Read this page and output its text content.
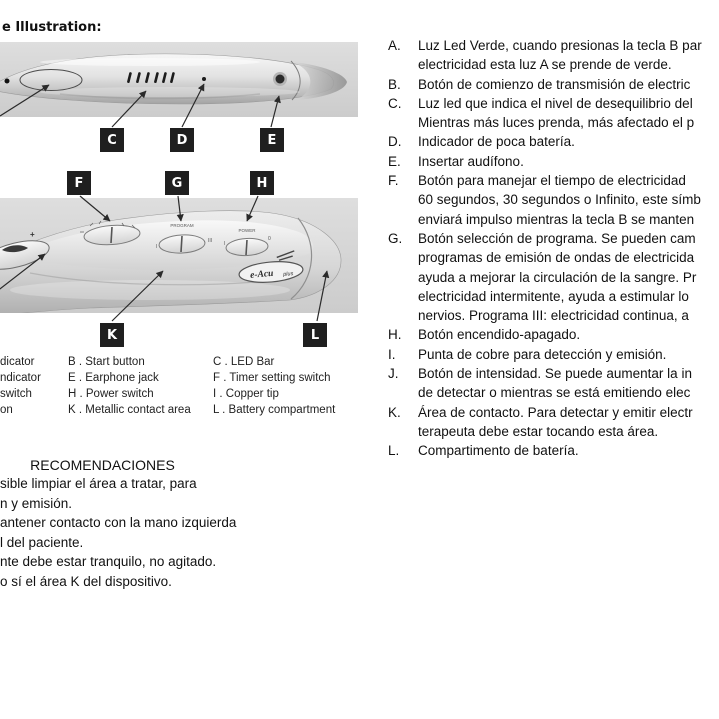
e Illustration:
PROGRAM
I
III
POWER
I
0
+
e-Acu plus
C	D	E
F	G	H
K	L
dicator	B . Start button	C . LED Bar
ndicator E . Earphone jack	F . Timer setting switch
switch	H . Power switch	I . Copper tip
on	K . Metallic contact area L . Battery compartment
RECOMENDACIONES
sible limpiar el área a tratar, para
n y emisión.
antener contacto con la mano izquierda
l del paciente.
nte debe estar tranquilo, no agitado.
o sí el área K del dispositivo.
A. Luz Led Verde, cuando presionas la tecla B par
electricidad esta luz A se prende de verde.
B. Botón de comienzo de transmisión de electric
C. Luz led que indica el nivel de desequilibrio del
Mientras más luces prenda, más afectado el p
D. Indicador de poca batería.
E. Insertar audífono.
F. Botón para manejar el tiempo de electricidad
60 segundos, 30 segundos o Infinito, este símb
enviará impulso mientras la tecla B se manten
G. Botón selección de programa. Se pueden cam
programas de emisión de ondas de electricida
ayuda a mejorar la circulación de la sangre. Pr
electricidad intermitente, ayuda a estimular lo
nervios. Programa III: electricidad continua, a
H. Botón encendido-apagado.
I. Punta de cobre para detección y emisión.
J. Botón de intensidad. Se puede aumentar la in
de detectar o mientras se está emitiendo elec
K. Área de contacto. Para detectar y emitir electr
terapeuta debe estar tocando esta área.
L. Compartimento de batería.
